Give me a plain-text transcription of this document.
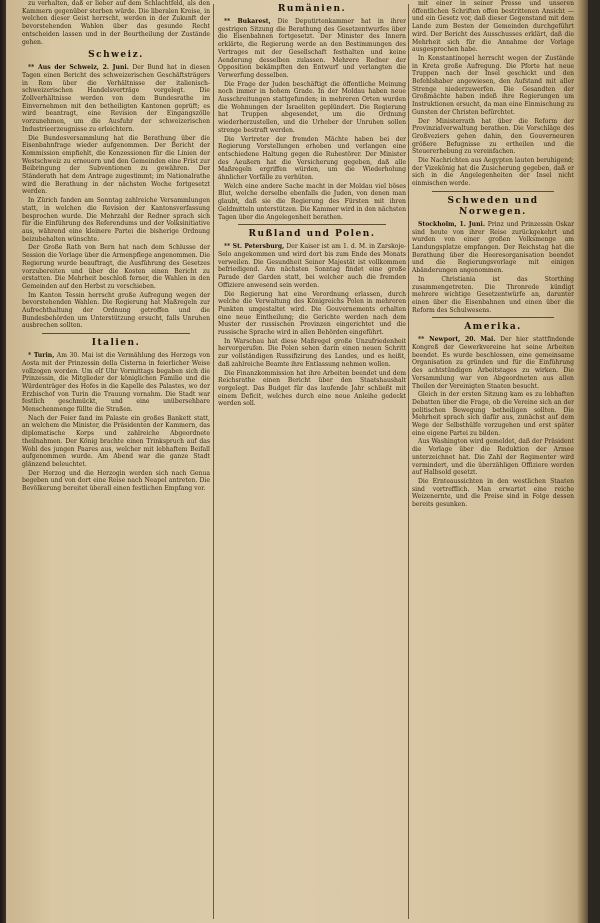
zu verhalten, daß er lieber auf dem Schlachtfeld, als den Kammern gegenüber sterben würde. Die liberalen Kreise, in welchen dieser Geist herrscht, werden in der Zukunft der bevorstehenden Wahlen über das gesunde Recht entscheiden lassen und in der Beurtheilung der Zustände gehen.

Schweiz.

** Aus der Schweiz, 2. Juni. Der Bund hat in diesen Tagen einen Bericht des schweizerischen Geschäftsträgers in Rom über die Verhältnisse der italienisch-schweizerischen Handelsverträge vorgelegt. Die Zollverhältnisse werden von dem Bundesrathe im Einvernehmen mit den betheiligten Kantonen geprüft; es wird beantragt, eine Revision der Eingangszölle vorzunehmen, um die Ausfuhr der schweizerischen Industrieerzeugnisse zu erleichtern.

Die Bundesversammlung hat die Berathung über die Eisenbahnfrage wieder aufgenommen. Der Bericht der Kommission empfiehlt, die Konzessionen für die Linien der Westschweiz zu erneuern und den Gemeinden eine Frist zur Beibringung der Subventionen zu gewähren. Der Ständerath hat dem Antrage zugestimmt; im Nationalrathe wird die Berathung in der nächsten Woche fortgesetzt werden.

In Zürich fanden am Sonntag zahlreiche Versammlungen statt, in welchen die Revision der Kantonsverfassung besprochen wurde. Die Mehrzahl der Redner sprach sich für die Einführung des Referendums und der Volksinitiative aus, während eine kleinere Partei die bisherige Ordnung beizubehalten wünschte.

Der Große Rath von Bern hat nach dem Schlusse der Session die Vorlage über die Armenpflege angenommen. Die Regierung wurde beauftragt, die Ausführung des Gesetzes vorzubereiten und über die Kosten einen Bericht zu erstatten. Die Mehrheit beschloß ferner, die Wahlen in den Gemeinden auf den Herbst zu verschieben.

Im Kanton Tessin herrscht große Aufregung wegen der bevorstehenden Wahlen. Die Regierung hat Maßregeln zur Aufrechthaltung der Ordnung getroffen und die Bundesbehörden um Unterstützung ersucht, falls Unruhen ausbrechen sollten.

Italien.

* Turin, Am 30. Mai ist die Vermählung des Herzogs von Aosta mit der Prinzessin della Cisterna in feierlicher Weise vollzogen worden. Um elf Uhr Vormittags begaben sich die Prinzessin, die Mitglieder der königlichen Familie und die Würdenträger des Hofes in die Kapelle des Palastes, wo der Erzbischof von Turin die Trauung vornahm. Die Stadt war festlich geschmückt, und eine unübersehbare Menschenmenge füllte die Straßen.

Nach der Feier fand im Palaste ein großes Bankett statt, an welchem die Minister, die Präsidenten der Kammern, das diplomatische Korps und zahlreiche Abgeordnete theilnahmen. Der König brachte einen Trinkspruch auf das Wohl des jungen Paares aus, welcher mit lebhaftem Beifall aufgenommen wurde. Am Abend war die ganze Stadt glänzend beleuchtet.

Der Herzog und die Herzogin werden sich nach Genua begeben und von dort eine Reise nach Neapel antreten. Die Bevölkerung bereitet überall einen festlichen Empfang vor.

Rumänien.

** Bukarest, Die Deputirtenkammer hat in ihrer gestrigen Sitzung die Berathung des Gesetzentwurfes über die Eisenbahnen fortgesetzt. Der Minister des Innern erklärte, die Regierung werde an den Bestimmungen des Vertrages mit der Gesellschaft festhalten und keine Aenderung desselben zulassen. Mehrere Redner der Opposition bekämpften den Entwurf und verlangten die Verwerfung desselben.

Die Frage der Juden beschäftigt die öffentliche Meinung noch immer in hohem Grade. In der Moldau haben neue Ausschreitungen stattgefunden; in mehreren Orten wurden die Wohnungen der Israeliten geplündert. Die Regierung hat Truppen abgesendet, um die Ordnung wiederherzustellen, und die Urheber der Unruhen sollen strenge bestraft werden.

Die Vertreter der fremden Mächte haben bei der Regierung Vorstellungen erhoben und verlangen eine entschiedene Haltung gegen die Ruhestörer. Der Minister des Aeußern hat die Versicherung gegeben, daß alle Maßregeln ergriffen würden, um die Wiederholung ähnlicher Vorfälle zu verhüten.

Welch eine andere Sache macht in der Moldau viel böses Blut, welche derselbe ebenfalls die Juden, von denen man glaubt, daß sie die Regierung des Fürsten mit ihren Geldmitteln unterstützen. Die Kammer wird in den nächsten Tagen über die Angelegenheit berathen.

Rußland und Polen.

** St. Petersburg, Der Kaiser ist am 1. d. M. in Zarskoje-Selo angekommen und wird dort bis zum Ende des Monats verweilen. Die Gesundheit Seiner Majestät ist vollkommen befriedigend. Am nächsten Sonntag findet eine große Parade der Garden statt, bei welcher auch die fremden Offiziere anwesend sein werden.

Die Regierung hat eine Verordnung erlassen, durch welche die Verwaltung des Königreichs Polen in mehreren Punkten umgestaltet wird. Die Gouvernements erhalten eine neue Eintheilung; die Gerichte werden nach dem Muster der russischen Provinzen eingerichtet und die russische Sprache wird in allen Behörden eingeführt.

In Warschau hat diese Maßregel große Unzufriedenheit hervorgerufen. Die Polen sehen darin einen neuen Schritt zur vollständigen Russifizirung des Landes, und es heißt, daß zahlreiche Beamte ihre Entlassung nehmen wollen.

Die Finanzkommission hat ihre Arbeiten beendet und dem Reichsrathe einen Bericht über den Staatshaushalt vorgelegt. Das Budget für das laufende Jahr schließt mit einem Deficit, welches durch eine neue Anleihe gedeckt werden soll.

mit einer in seiner Presse und unseren öffentlichen Schriften offen bestrittenen Ansicht — und ein Gesetz vor, daß dieser Gegenstand mit dem Lande zum Besten der Gemeinden durchgeführt wird. Der Bericht des Ausschusses erklärt, daß die Mehrheit sich für die Annahme der Vorlage ausgesprochen habe.

In Konstantinopel herrscht wegen der Zustände in Kreta große Aufregung. Die Pforte hat neue Truppen nach der Insel geschickt und den Befehlshaber angewiesen, den Aufstand mit aller Strenge niederzuwerfen. Die Gesandten der Großmächte haben indeß ihre Regierungen um Instruktionen ersucht, da man eine Einmischung zu Gunsten der Christen befürchtet.

Der Ministerrath hat über die Reform der Provinzialverwaltung berathen. Die Vorschläge des Großveziers gehen dahin, den Gouverneuren größere Befugnisse zu ertheilen und die Steuererhebung zu vereinfachen.

Die Nachrichten aus Aegypten lauten beruhigend; der Vizekönig hat die Zusicherung gegeben, daß er sich in die Angelegenheiten der Insel nicht einmischen werde.

Schweden und Norwegen.

Stockholm, 1. Juni. Prinz und Prinzessin Oskar sind heute von ihrer Reise zurückgekehrt und wurden von einer großen Volksmenge am Landungsplatze empfangen. Der Reichstag hat die Berathung über die Heeresorganisation beendet und die Regierungsvorlage mit einigen Abänderungen angenommen.

In Christiania ist das Storthing zusammengetreten. Die Thronrede kündigt mehrere wichtige Gesetzentwürfe an, darunter einen über die Eisenbahnen und einen über die Reform des Schulwesens.

Amerika.

** Newport, 20. Mai. Der hier stattfindende Kongreß der Gewerkvereine hat seine Arbeiten beendet. Es wurde beschlossen, eine gemeinsame Organisation zu gründen und für die Einführung des achtstündigen Arbeitstages zu wirken. Die Versammlung war von Abgeordneten aus allen Theilen der Vereinigten Staaten besucht.

Gleich in der ersten Sitzung kam es zu lebhaften Debatten über die Frage, ob die Vereine sich an der politischen Bewegung betheiligen sollten. Die Mehrheit sprach sich dafür aus, zunächst auf dem Wege der Selbsthülfe vorzugehen und erst später eine eigene Partei zu bilden.

Aus Washington wird gemeldet, daß der Präsident die Vorlage über die Reduktion der Armee unterzeichnet hat. Die Zahl der Regimenter wird vermindert, und die überzähligen Offiziere werden auf Halbsold gesetzt.

Die Ernteaussichten in den westlichen Staaten sind vortrefflich. Man erwartet eine reiche Weizenernte, und die Preise sind in Folge dessen bereits gesunken.
